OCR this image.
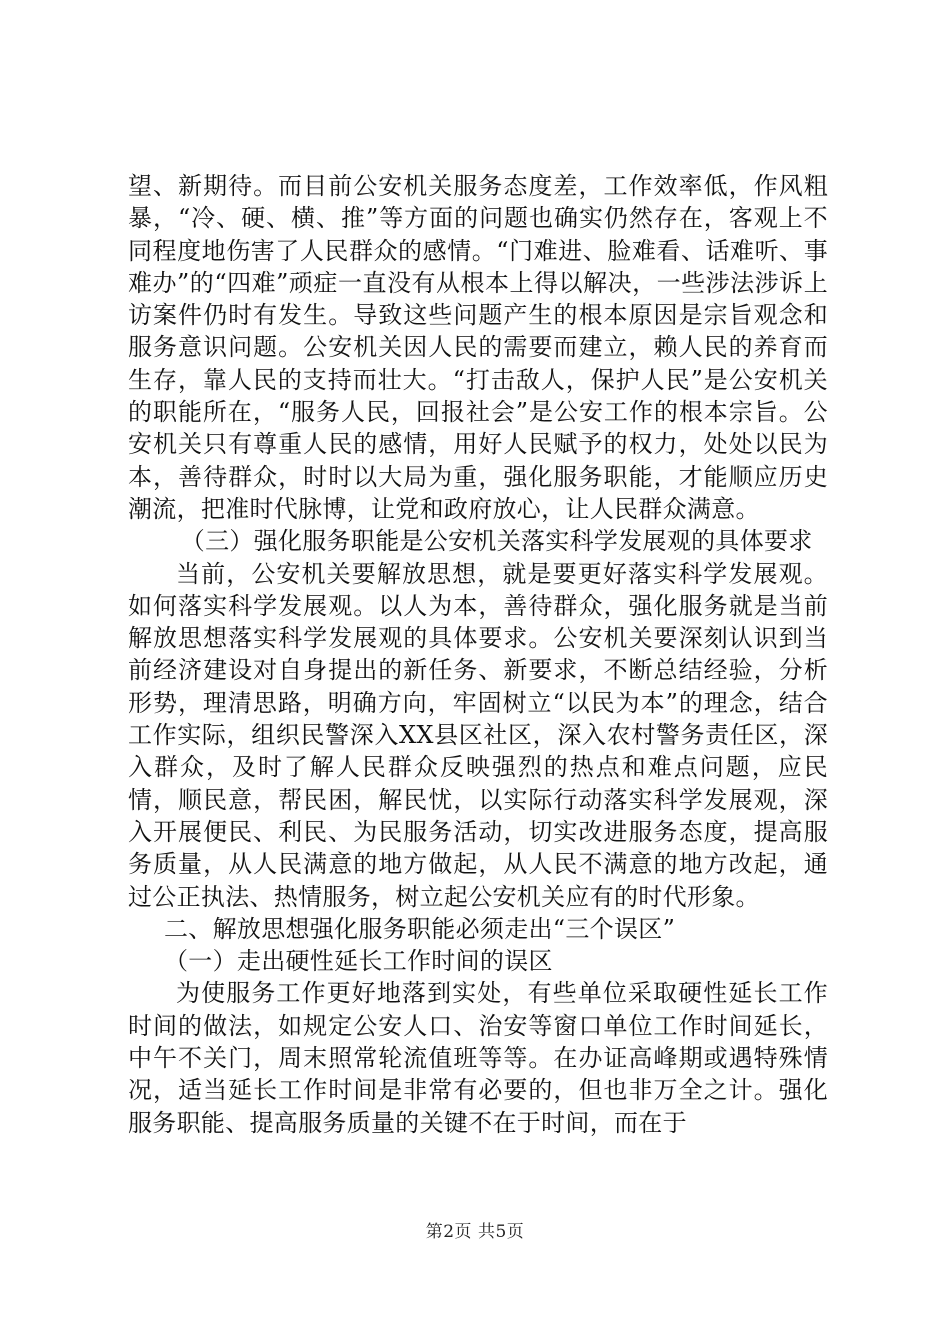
望、新期待。而目前公安机关服务态度差，工作效率低，作风粗暴，“冷、硬、横、推”等方面的问题也确实仍然存在，客观上不同程度地伤害了人民群众的感情。“门难进、脸难看、话难听、事难办”的“四难”顽症一直没有从根本上得以解决，一些涉法涉诉上访案件仍时有发生。导致这些问题产生的根本原因是宗旨观念和服务意识问题。公安机关因人民的需要而建立，赖人民的养育而生存，靠人民的支持而壮大。“打击敌人，保护人民”是公安机关的职能所在，“服务人民，回报社会”是公安工作的根本宗旨。公安机关只有尊重人民的感情，用好人民赋予的权力，处处以民为本，善待群众，时时以大局为重，强化服务职能，才能顺应历史潮流，把准时代脉博，让党和政府放心，让人民群众满意。

（三）强化服务职能是公安机关落实科学发展观的具体要求

当前，公安机关要解放思想，就是要更好落实科学发展观。如何落实科学发展观。以人为本，善待群众，强化服务就是当前解放思想落实科学发展观的具体要求。公安机关要深刻认识到当前经济建设对自身提出的新任务、新要求，不断总结经验，分析形势，理清思路，明确方向，牢固树立“以民为本”的理念，结合工作实际，组织民警深入XX县区社区，深入农村警务责任区，深入群众，及时了解人民群众反映强烈的热点和难点问题，应民情，顺民意，帮民困，解民忧，以实际行动落实科学发展观，深入开展便民、利民、为民服务活动，切实改进服务态度，提高服务质量，从人民满意的地方做起，从人民不满意的地方改起，通过公正执法、热情服务，树立起公安机关应有的时代形象。

二、解放思想强化服务职能必须走出“三个误区”

（一）走出硬性延长工作时间的误区

为使服务工作更好地落到实处，有些单位采取硬性延长工作时间的做法，如规定公安人口、治安等窗口单位工作时间延长，中午不关门，周末照常轮流值班等等。在办证高峰期或遇特殊情况，适当延长工作时间是非常有必要的，但也非万全之计。强化服务职能、提高服务质量的关键不在于时间，而在于

第2页 共5页
